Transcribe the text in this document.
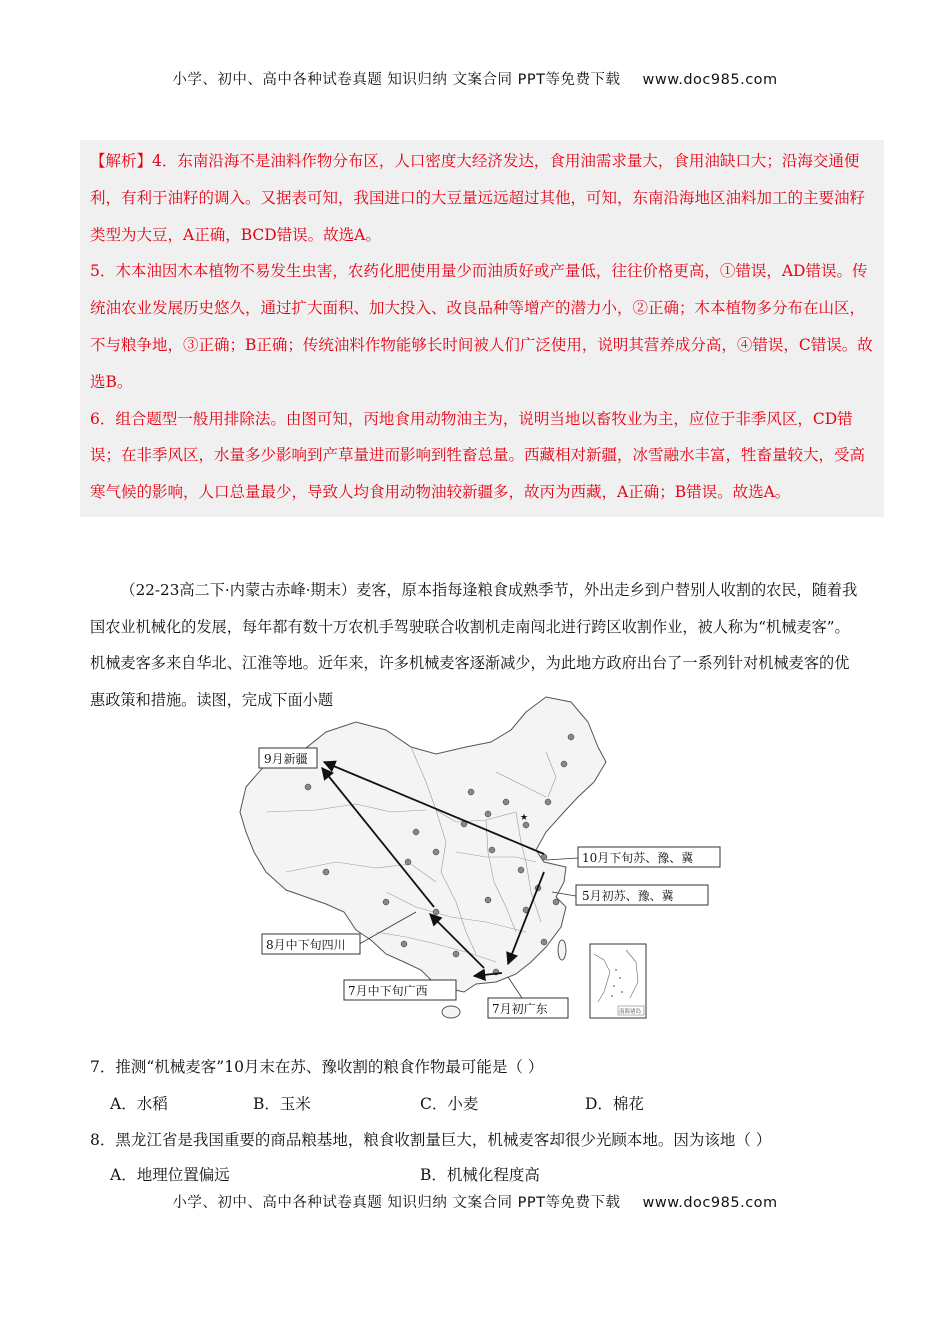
小学、初中、高中各种试卷真题 知识归纳 文案合同 PPT等免费下载 www.doc985.com

【解析】4．东南沿海不是油料作物分布区，人口密度大经济发达，食用油需求量大，食用油缺口大；沿海交通便利，有利于油籽的调入。又据表可知，我国进口的大豆量远远超过其他，可知，东南沿海地区油料加工的主要油籽类型为大豆，A正确，BCD错误。故选A。

5．木本油因木本植物不易发生虫害，农药化肥使用量少而油质好或产量低，往往价格更高，①错误，AD错误。传统油农业发展历史悠久，通过扩大面积、加大投入、改良品种等增产的潜力小，②正确；木本植物多分布在山区，不与粮争地，③正确；B正确；传统油料作物能够长时间被人们广泛使用，说明其营养成分高，④错误，C错误。故选B。

6．组合题型一般用排除法。由图可知，丙地食用动物油主为，说明当地以畜牧业为主，应位于非季风区，CD错误；在非季风区，水量多少影响到产草量进而影响到牲畜总量。西藏相对新疆，冰雪融水丰富，牲畜量较大，受高寒气候的影响，人口总量最少，导致人均食用动物油较新疆多，故丙为西藏，A正确；B错误。故选A。

（22-23高二下·内蒙古赤峰·期末）麦客，原本指每逢粮食成熟季节，外出走乡到户替别人收割的农民，随着我国农业机械化的发展，每年都有数十万农机手驾驶联合收割机走南闯北进行跨区收割作业，被人称为“机械麦客”。机械麦客多来自华北、江淮等地。近年来，许多机械麦客逐渐减少，为此地方政府出台了一系列针对机械麦客的优惠政策和措施。读图，完成下面小题

★
9月新疆
10月下旬苏、豫、冀
5月初苏、豫、冀
8月中下旬四川
7月中下旬广西
7月初广东	南海诸岛
7．推测“机械麦客”10月末在苏、豫收割的粮食作物最可能是（ ）
A．水稻	B．玉米	C．小麦	D．棉花
8．黑龙江省是我国重要的商品粮基地，粮食收割量巨大，机械麦客却很少光顾本地。因为该地（ ）
A．地理位置偏远	B．机械化程度高
小学、初中、高中各种试卷真题 知识归纳 文案合同 PPT等免费下载 www.doc985.com
